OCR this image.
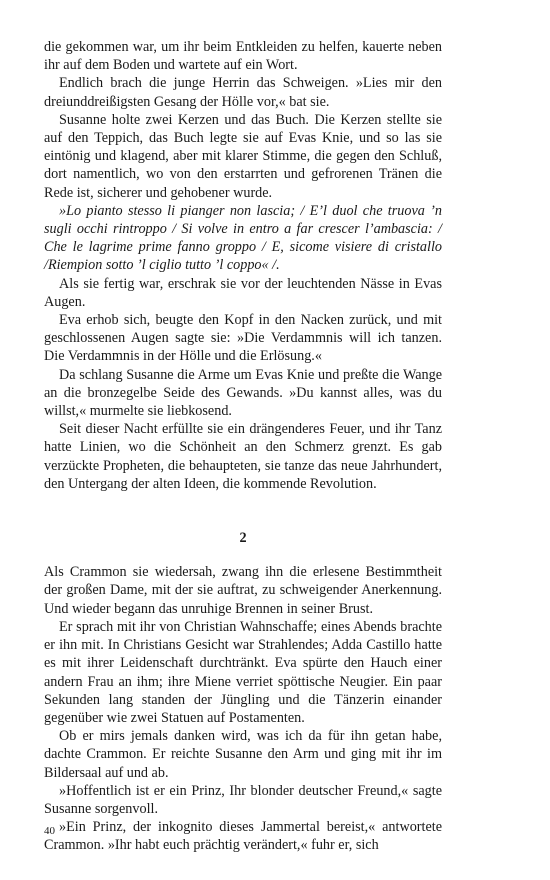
die gekommen war, um ihr beim Entkleiden zu helfen, kauerte neben ihr auf dem Boden und wartete auf ein Wort.

Endlich brach die junge Herrin das Schweigen. »Lies mir den dreiunddreißigsten Gesang der Hölle vor,« bat sie.

Susanne holte zwei Kerzen und das Buch. Die Kerzen stellte sie auf den Teppich, das Buch legte sie auf Evas Knie, und so las sie eintönig und klagend, aber mit klarer Stimme, die gegen den Schluß, dort namentlich, wo von den erstarrten und gefrorenen Tränen die Rede ist, sicherer und gehobener wurde.

»Lo pianto stesso li pianger non lascia; / E’l duol che truova ’n sugli occhi rintroppo / Si volve in entro a far crescer l’ambascia: / Che le lagrime prime fanno groppo / E, sicome visiere di cristallo /Riempion sotto ’l ciglio tutto ’l coppo« /.

Als sie fertig war, erschrak sie vor der leuchtenden Nässe in Evas Augen.

Eva erhob sich, beugte den Kopf in den Nacken zurück, und mit geschlossenen Augen sagte sie: »Die Verdammnis will ich tanzen. Die Verdammnis in der Hölle und die Erlösung.«

Da schlang Susanne die Arme um Evas Knie und preßte die Wange an die bronzegelbe Seide des Gewands. »Du kannst alles, was du willst,« murmelte sie liebkosend.

Seit dieser Nacht erfüllte sie ein drängenderes Feuer, und ihr Tanz hatte Linien, wo die Schönheit an den Schmerz grenzt. Es gab verzückte Propheten, die behaupteten, sie tanze das neue Jahrhundert, den Untergang der alten Ideen, die kommende Revolution.

2

Als Crammon sie wiedersah, zwang ihn die erlesene Bestimmtheit der großen Dame, mit der sie auftrat, zu schweigender Anerkennung. Und wieder begann das unruhige Brennen in seiner Brust.

Er sprach mit ihr von Christian Wahnschaffe; eines Abends brachte er ihn mit. In Christians Gesicht war Strahlendes; Adda Castillo hatte es mit ihrer Leidenschaft durchtränkt. Eva spürte den Hauch einer andern Frau an ihm; ihre Miene verriet spöttische Neugier. Ein paar Sekunden lang standen der Jüngling und die Tänzerin einander gegenüber wie zwei Statuen auf Postamenten.

Ob er mirs jemals danken wird, was ich da für ihn getan habe, dachte Crammon. Er reichte Susanne den Arm und ging mit ihr im Bildersaal auf und ab.

»Hoffentlich ist er ein Prinz, Ihr blonder deutscher Freund,« sagte Susanne sorgenvoll.

»Ein Prinz, der inkognito dieses Jammertal bereist,« antwortete Crammon. »Ihr habt euch prächtig verändert,« fuhr er, sich

40
